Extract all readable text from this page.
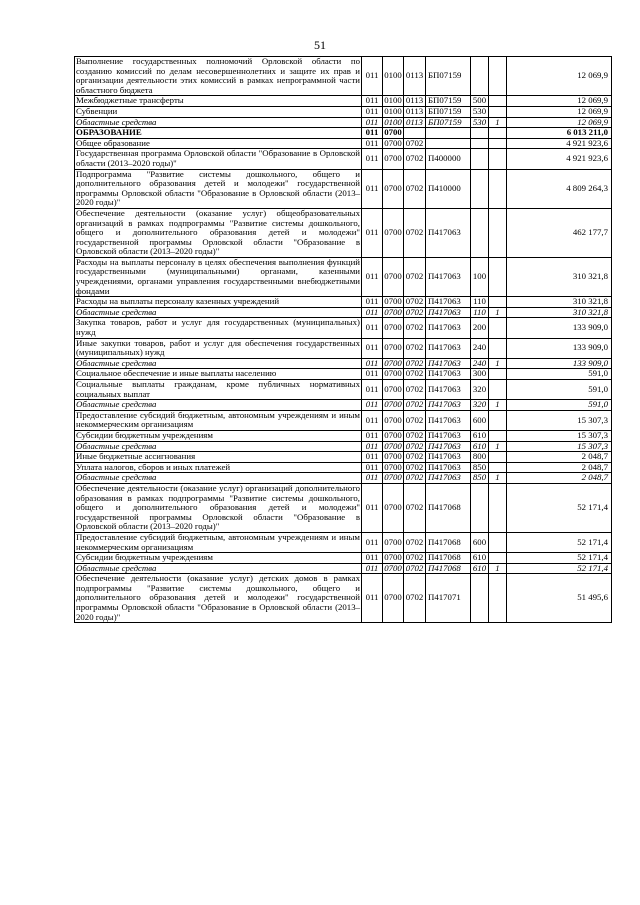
51
Выполнение государственных полномочий Орловской области по созданию комиссий по делам несовершеннолетних и защите их прав и организации деятельности этих комиссий в рамках непрограммной части областного бюджета	011	0100	0113	БП07159			12 069,9
Межбюджетные трансферты	011	0100	0113	БП07159	500		12 069,9
Субвенции	011	0100	0113	БП07159	530		12 069,9
Областные средства	011	0100	0113	БП07159	530	1	12 069,9
ОБРАЗОВАНИЕ	011	0700					6 013 211,0
Общее образование	011	0700	0702				4 921 923,6
Государственная программа Орловской области "Образование в Орловской области (2013–2020 годы)"	011	0700	0702	П400000			4 921 923,6
Подпрограмма "Развитие системы дошкольного, общего и дополнительного образования детей и молодежи" государственной программы Орловской области "Образование в Орловской области (2013–2020 годы)"	011	0700	0702	П410000			4 809 264,3
Обеспечение деятельности (оказание услуг) общеобразовательных организаций в рамках подпрограммы "Развитие системы дошкольного, общего и дополнительного образования детей и молодежи" государственной программы Орловской области "Образование в Орловской области (2013–2020 годы)"	011	0700	0702	П417063			462 177,7
Расходы на выплаты персоналу в целях обеспечения выполнения функций государственными (муниципальными) органами, казенными учреждениями, органами управления государственными внебюджетными фондами	011	0700	0702	П417063	100		310 321,8
Расходы на выплаты персоналу казенных учреждений	011	0700	0702	П417063	110		310 321,8
Областные средства	011	0700	0702	П417063	110	1	310 321,8
Закупка товаров, работ и услуг для государственных (муниципальных) нужд	011	0700	0702	П417063	200		133 909,0
Иные закупки товаров, работ и услуг для обеспечения государственных (муниципальных) нужд	011	0700	0702	П417063	240		133 909,0
Областные средства	011	0700	0702	П417063	240	1	133 909,0
Социальное обеспечение и иные выплаты населению	011	0700	0702	П417063	300		591,0
Социальные выплаты гражданам, кроме публичных нормативных социальных выплат	011	0700	0702	П417063	320		591,0
Областные средства	011	0700	0702	П417063	320	1	591,0
Предоставление субсидий бюджетным, автономным учреждениям и иным некоммерческим организациям	011	0700	0702	П417063	600		15 307,3
Субсидии бюджетным учреждениям	011	0700	0702	П417063	610		15 307,3
Областные средства	011	0700	0702	П417063	610	1	15 307,3
Иные бюджетные ассигнования	011	0700	0702	П417063	800		2 048,7
Уплата налогов, сборов и иных платежей	011	0700	0702	П417063	850		2 048,7
Областные средства	011	0700	0702	П417063	850	1	2 048,7
Обеспечение деятельности (оказание услуг) организаций дополнительного образования в рамках подпрограммы "Развитие системы дошкольного, общего и дополнительного образования детей и молодежи" государственной программы Орловской области "Образование в Орловской области (2013–2020 годы)"	011	0700	0702	П417068			52 171,4
Предоставление субсидий бюджетным, автономным учреждениям и иным некоммерческим организациям	011	0700	0702	П417068	600		52 171,4
Субсидии бюджетным учреждениям	011	0700	0702	П417068	610		52 171,4
Областные средства	011	0700	0702	П417068	610	1	52 171,4
Обеспечение деятельности (оказание услуг) детских домов в рамках подпрограммы "Развитие системы дошкольного, общего и дополнительного образования детей и молодежи" государственной программы Орловской области "Образование в Орловской области (2013–2020 годы)"	011	0700	0702	П417071			51 495,6
